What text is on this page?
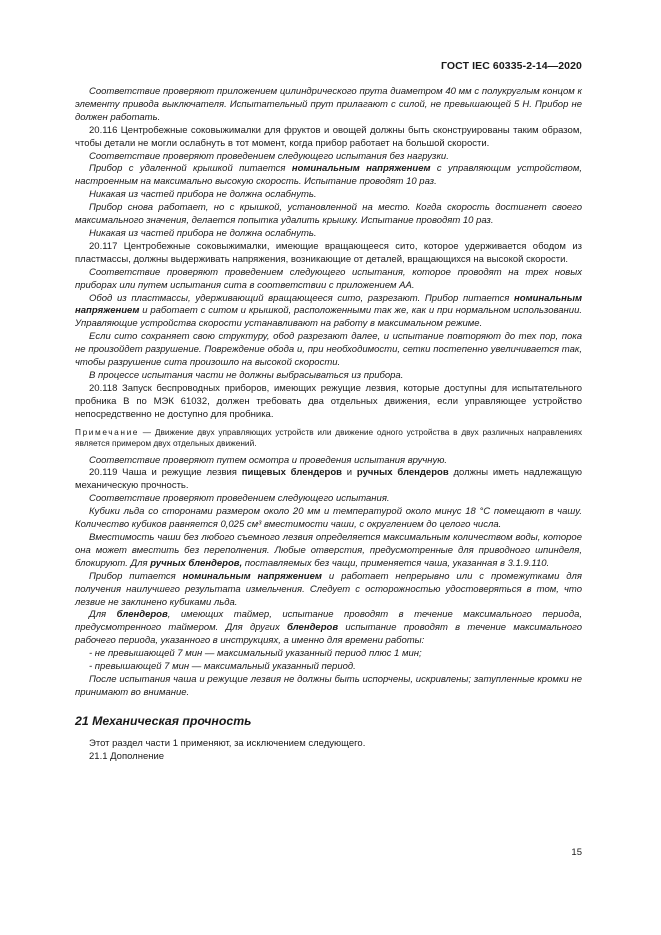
ГОСТ IEC 60335-2-14—2020

Соответствие проверяют приложением цилиндрического прута диаметром 40 мм с полукруглым концом к элементу привода выключателя. Испытательный прут прилагают с силой, не превышающей 5 Н. Прибор не должен работать.

20.116 Центробежные соковыжималки для фруктов и овощей должны быть сконструированы таким образом, чтобы детали не могли ослабнуть в тот момент, когда прибор работает на большой скорости.

Соответствие проверяют проведением следующего испытания без нагрузки.

Прибор с удаленной крышкой питается номинальным напряжением с управляющим устройством, настроенным на максимально высокую скорость. Испытание проводят 10 раз.

Никакая из частей прибора не должна ослабнуть.

Прибор снова работает, но с крышкой, установленной на место. Когда скорость достигнет своего максимального значения, делается попытка удалить крышку. Испытание проводят 10 раз.

Никакая из частей прибора не должна ослабнуть.

20.117 Центробежные соковыжималки, имеющие вращающееся сито, которое удерживается ободом из пластмассы, должны выдерживать напряжения, возникающие от деталей, вращающихся на высокой скорости.

Соответствие проверяют проведением следующего испытания, которое проводят на трех новых приборах или путем испытания сита в соответствии с приложением АА.

Обод из пластмассы, удерживающий вращающееся сито, разрезают. Прибор питается номинальным напряжением и работает с ситом и крышкой, расположенными так же, как и при нормальном использовании. Управляющие устройства скорости устанавливают на работу в максимальном режиме.

Если сито сохраняет свою структуру, обод разрезают далее, и испытание повторяют до тех пор, пока не произойдет разрушение. Повреждение обода и, при необходимости, сетки постепенно увеличивается так, чтобы разрушение сита произошло на высокой скорости.

В процессе испытания части не должны выбрасываться из прибора.

20.118 Запуск беспроводных приборов, имеющих режущие лезвия, которые доступны для испытательного пробника В по МЭК 61032, должен требовать два отдельных движения, если управляющее устройство непосредственно не доступно для пробника.

Примечание — Движение двух управляющих устройств или движение одного устройства в двух различных направлениях является примером двух отдельных движений.

Соответствие проверяют путем осмотра и проведения испытания вручную.

20.119 Чаша и режущие лезвия пищевых блендеров и ручных блендеров должны иметь надлежащую механическую прочность.

Соответствие проверяют проведением следующего испытания.

Кубики льда со сторонами размером около 20 мм и температурой около минус 18 °С помещают в чашу. Количество кубиков равняется 0,025 см³ вместимости чаши, с округлением до целого числа.

Вместимость чаши без любого съемного лезвия определяется максимальным количеством воды, которое она может вместить без переполнения. Любые отверстия, предусмотренные для приводного шпинделя, блокируют. Для ручных блендеров, поставляемых без чащи, применяется чаша, указанная в 3.1.9.110.

Прибор питается номинальным напряжением и работает непрерывно или с промежутками для получения наилучшего результата измельчения. Следует с осторожностью удостоверяться в том, что лезвие не заклинено кубиками льда.

Для блендеров, имеющих таймер, испытание проводят в течение максимального периода, предусмотренного таймером. Для других блендеров испытание проводят в течение максимального рабочего периода, указанного в инструкциях, а именно для времени работы:

- не превышающей 7 мин — максимальный указанный период плюс 1 мин;

- превышающей 7 мин — максимальный указанный период.

После испытания чаша и режущие лезвия не должны быть испорчены, искривлены; затупленные кромки не принимают во внимание.

21 Механическая прочность

Этот раздел части 1 применяют, за исключением следующего.

21.1 Дополнение

15
